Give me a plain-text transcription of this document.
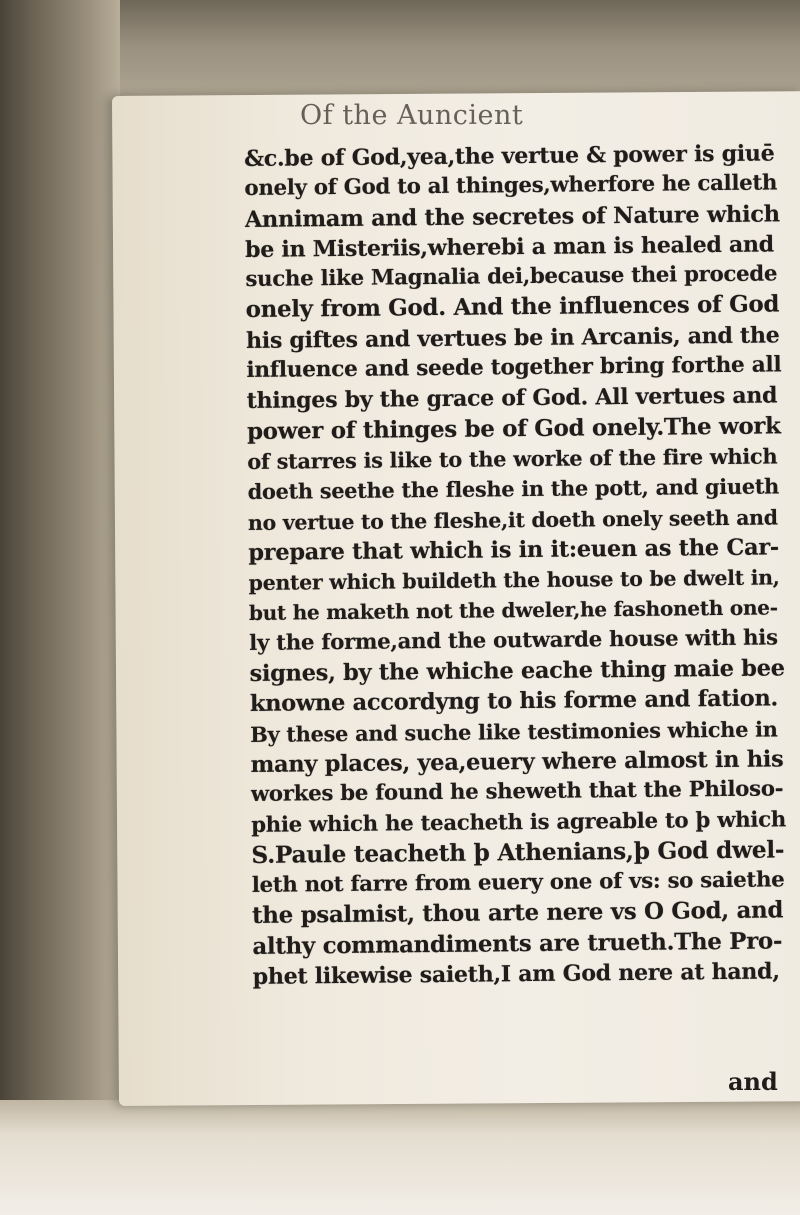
Of the Auncient
&c.be of God,yea,the vertue & power is giuē
onely of God to al thinges,wherfore he calleth
Annimam and the secretes of Nature which
be in Misteriis,wherebi a man is healed and
suche like Magnalia dei,because thei procede
onely from God. And the influences of God
his giftes and vertues be in Arcanis, and the
influence and seede together bring forthe all
thinges by the grace of God. All vertues and
power of thinges be of God onely.The work
of starres is like to the worke of the fire which
doeth seethe the fleshe in the pott, and giueth
no vertue to the fleshe,it doeth onely seeth and
prepare that which is in it:euen as the Car-
penter which buildeth the house to be dwelt in,
but he maketh not the dweler,he fashoneth one-
ly the forme,and the outwarde house with his
signes, by the whiche eache thing maie bee
knowne accordyng to his forme and fation.
By these and suche like testimonies whiche in
many places, yea,euery where almost in his
workes be found he sheweth that the Philoso-
phie which he teacheth is agreable to þ which
S.Paule teacheth þ Athenians,þ God dwel-
leth not farre from euery one of vs: so saiethe
the psalmist, thou arte nere vs O God, and
althy commandiments are trueth.The Pro-
phet likewise saieth,I am God nere at hand,
and
